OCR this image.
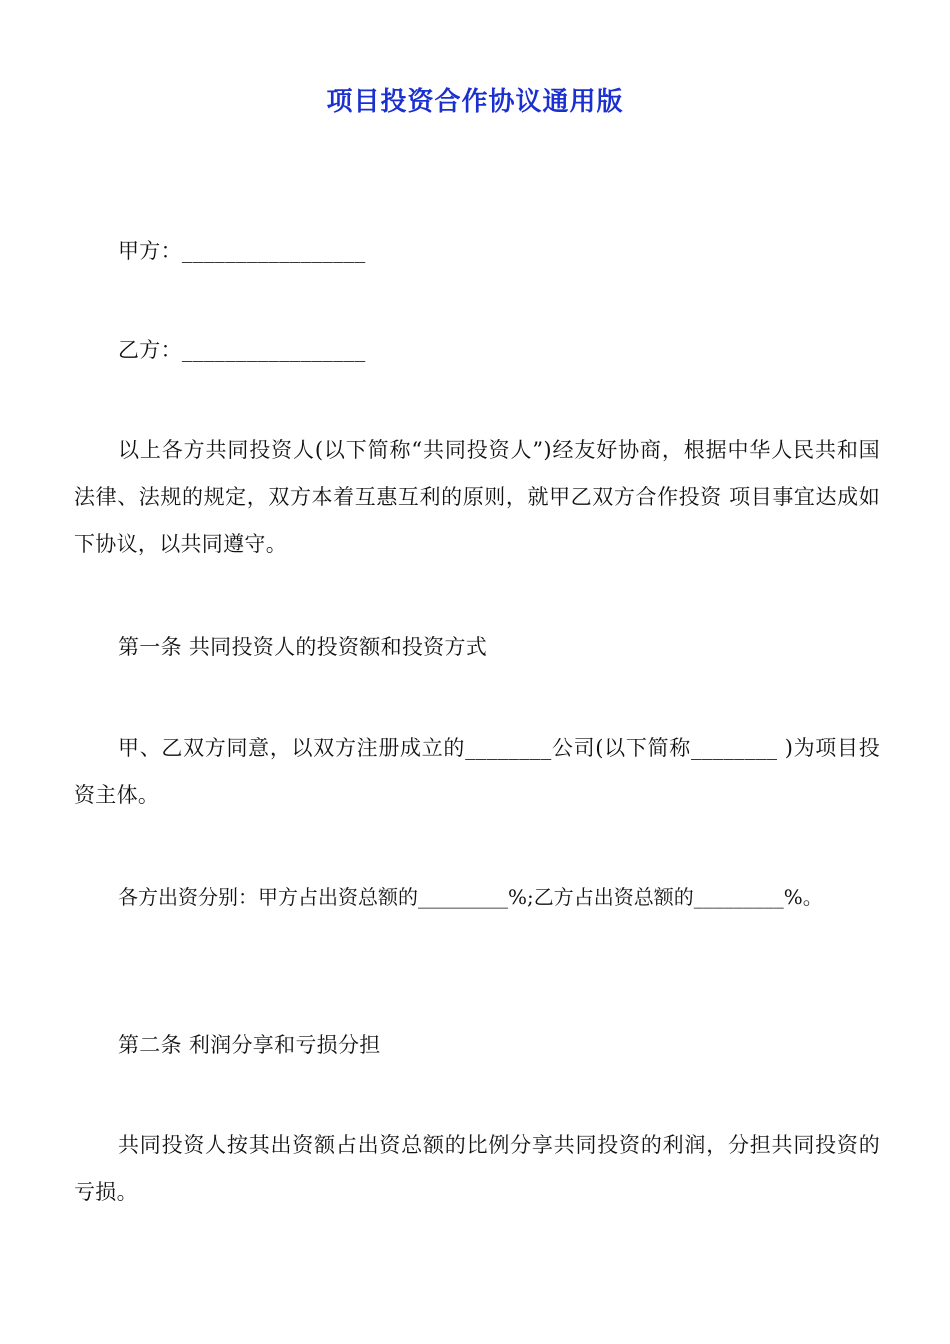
项目投资合作协议通用版
甲方：_________________
乙方：_________________
以上各方共同投资人(以下简称“共同投资人”)经友好协商，根据中华人民共和国法律、法规的规定，双方本着互惠互利的原则，就甲乙双方合作投资 项目事宜达成如下协议，以共同遵守。
第一条 共同投资人的投资额和投资方式
甲、乙双方同意，以双方注册成立的________公司(以下简称________ )为项目投资主体。
各方出资分别：甲方占出资总额的_________%;乙方占出资总额的_________%。
第二条 利润分享和亏损分担
共同投资人按其出资额占出资总额的比例分享共同投资的利润，分担共同投资的亏损。
